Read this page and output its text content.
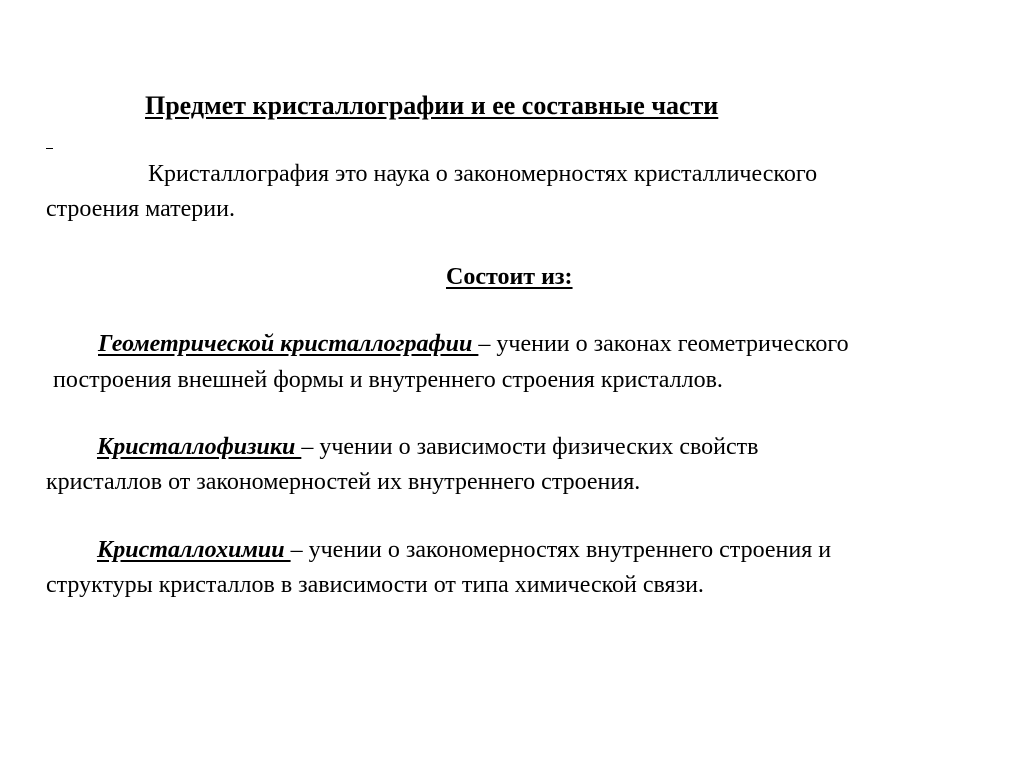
Предмет кристаллографии и ее составные части
Кристаллография это наука о закономерностях кристаллического
строения материи.
Состоит из:
Геометрической кристаллографии – учении о законах геометрического
построения внешней формы и внутреннего строения кристаллов.
Кристаллофизики – учении о зависимости физических свойств
кристаллов от закономерностей их внутреннего строения.
Кристаллохимии – учении о закономерностях внутреннего строения и
структуры кристаллов в зависимости от типа химической связи.
